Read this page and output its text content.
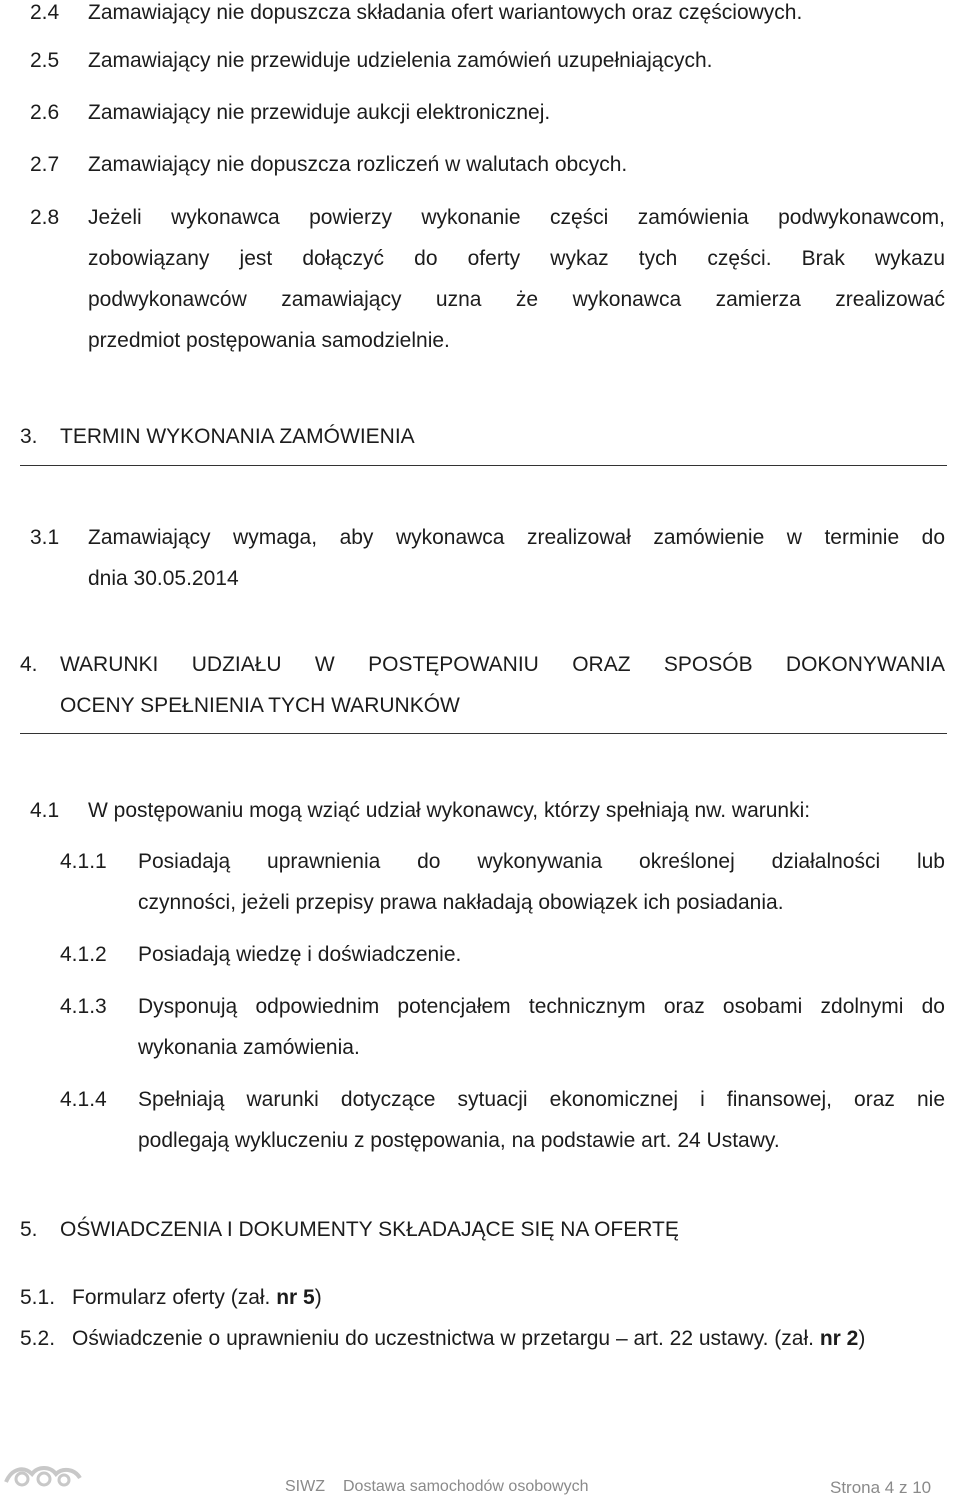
2.4 Zamawiający nie dopuszcza składania ofert wariantowych oraz częściowych.
2.5 Zamawiający nie przewiduje udzielenia zamówień uzupełniających.
2.6 Zamawiający nie przewiduje aukcji elektronicznej.
2.7 Zamawiający nie dopuszcza rozliczeń w walutach obcych.
2.8 Jeżeli wykonawca powierzy wykonanie części zamówienia podwykonawcom,
zobowiązany jest dołączyć do oferty wykaz tych części. Brak wykazu
podwykonawców zamawiający uzna że wykonawca zamierza zrealizować
przedmiot postępowania samodzielnie.
3. TERMIN WYKONANIA ZAMÓWIENIA
3.1 Zamawiający wymaga, aby wykonawca zrealizował zamówienie w terminie do
dnia 30.05.2014
4. WARUNKI UDZIAŁU W POSTĘPOWANIU ORAZ SPOSÓB DOKONYWANIA
OCENY SPEŁNIENIA TYCH WARUNKÓW
4.1 W postępowaniu mogą wziąć udział wykonawcy, którzy spełniają nw. warunki:
4.1.1 Posiadają uprawnienia do wykonywania określonej działalności lub
czynności, jeżeli przepisy prawa nakładają obowiązek ich posiadania.
4.1.2 Posiadają wiedzę i doświadczenie.
4.1.3 Dysponują odpowiednim potencjałem technicznym oraz osobami zdolnymi do
wykonania zamówienia.
4.1.4 Spełniają warunki dotyczące sytuacji ekonomicznej i finansowej, oraz nie
podlegają wykluczeniu z postępowania, na podstawie art. 24 Ustawy.
5. OŚWIADCZENIA I DOKUMENTY SKŁADAJĄCE SIĘ NA OFERTĘ
5.1. Formularz oferty (zał. nr 5)
5.2. Oświadczenie o uprawnieniu do uczestnictwa w przetargu – art. 22 ustawy. (zał. nr 2)
SIWZ Dostawa samochodów osobowych	Strona 4 z 10
